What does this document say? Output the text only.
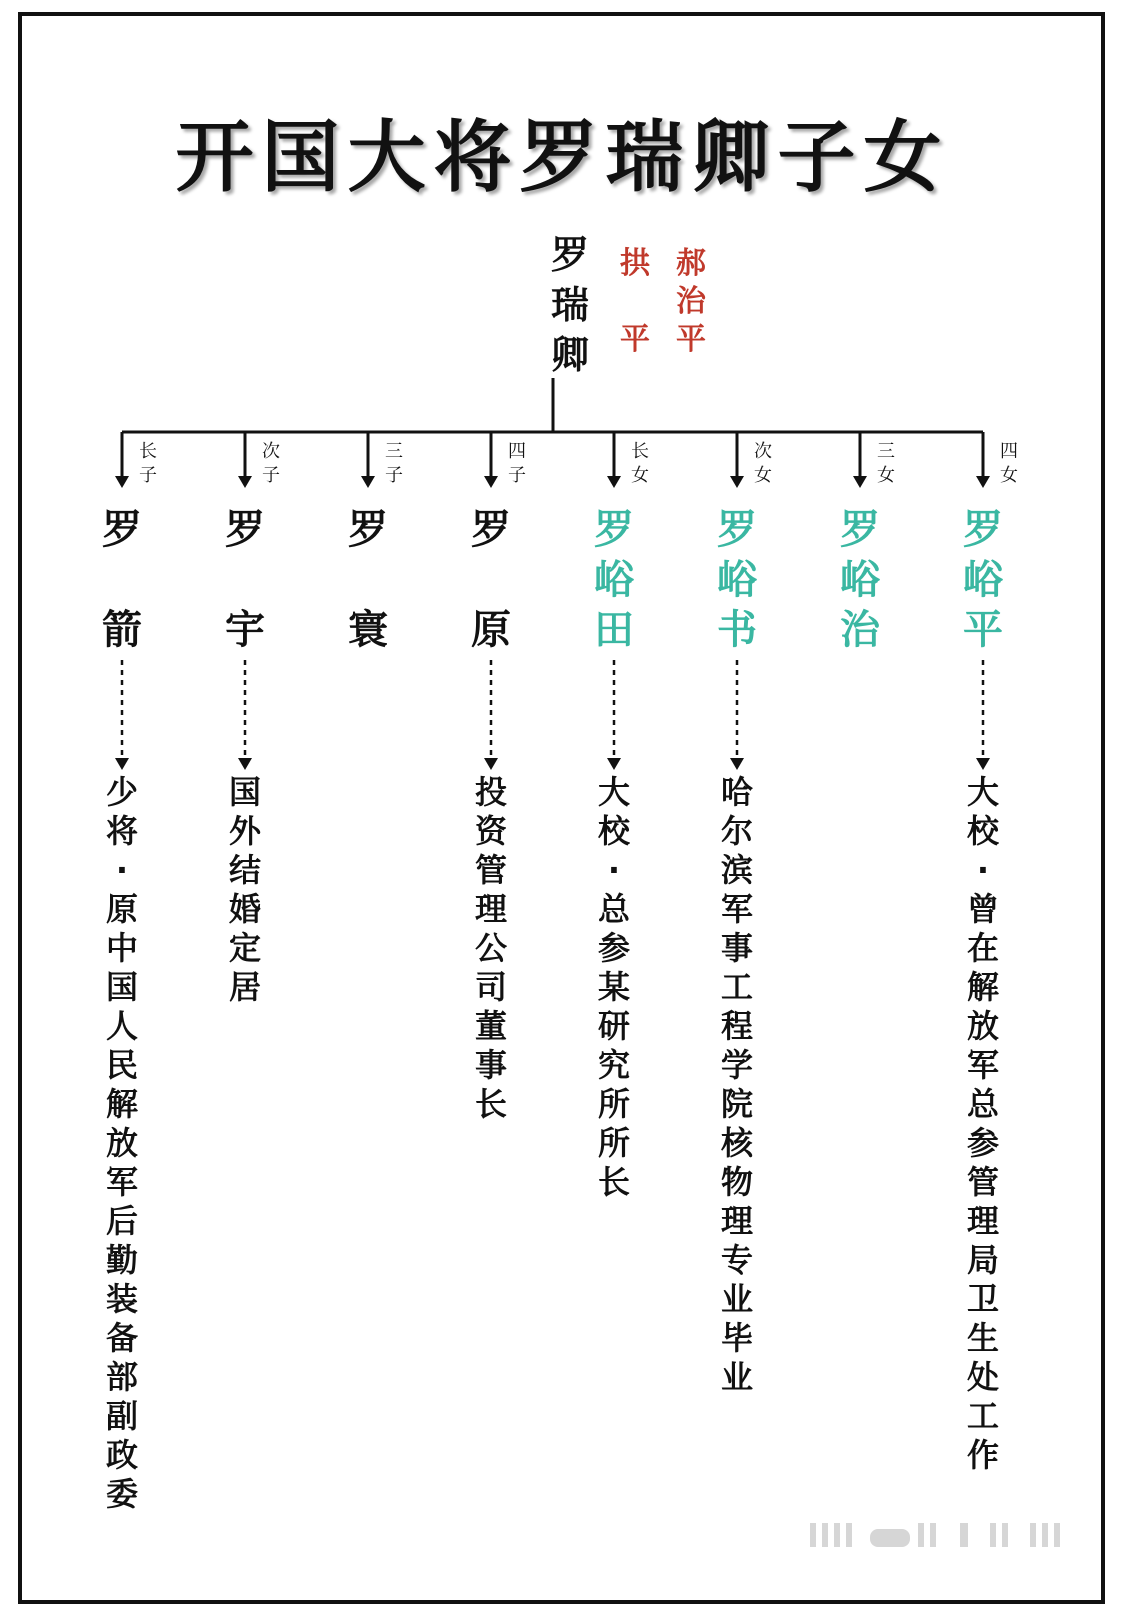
开国大将罗瑞卿子女
罗
瑞
卿
拱
平
郝
治
平
长
子
罗
箭
少
将
·
原
中
国
人
民
解
放
军
后
勤
装
备
部
副
政
委
次
子
罗
宇
国
外
结
婚
定
居
三
子
罗
寰
四
子
罗
原
投
资
管
理
公
司
董
事
长
长
女
罗
峪
田
大
校
·
总
参
某
研
究
所
所
长
次
女
罗
峪
书
哈
尔
滨
军
事
工
程
学
院
核
物
理
专
业
毕
业
三
女
罗
峪
治
四
女
罗
峪
平
大
校
·
曾
在
解
放
军
总
参
管
理
局
卫
生
处
工
作
